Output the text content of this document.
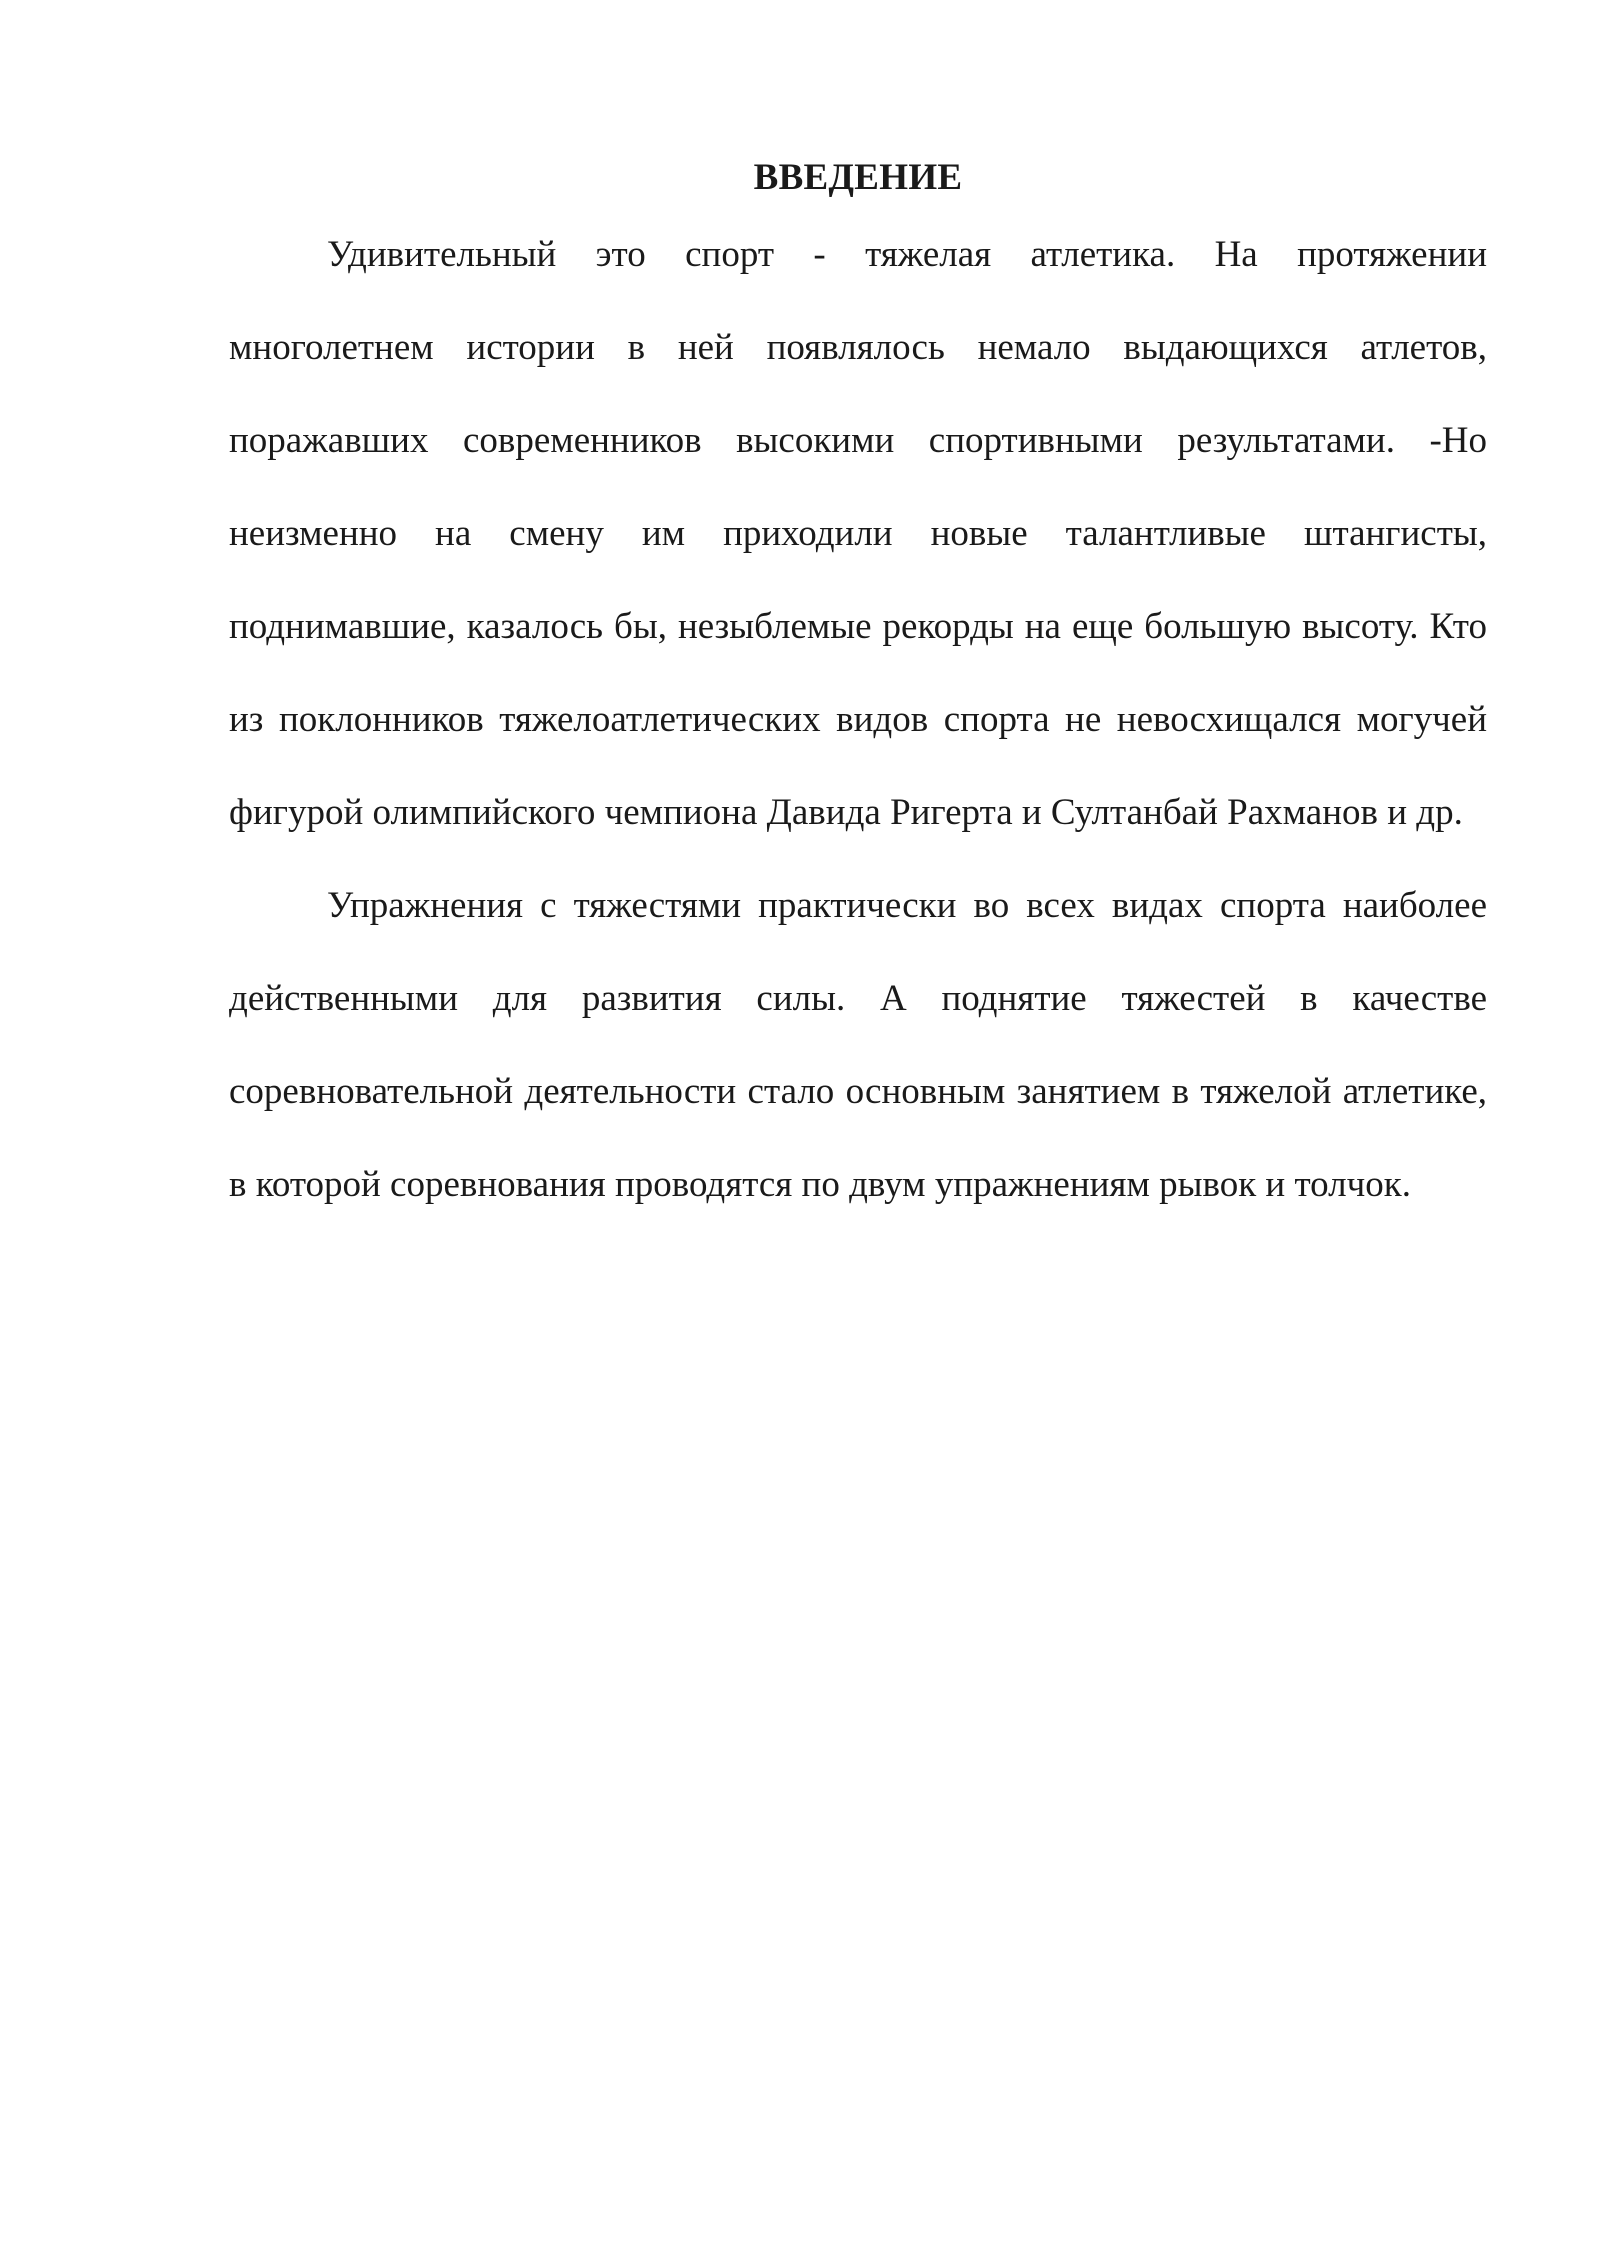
ВВЕДЕНИЕ

Удивительный это спорт - тяжелая атлетика. На протяжении многолетнем истории в ней появлялось немало выдающихся атлетов, поражавших современников высокими спортивными результатами. -Но неизменно на смену им приходили новые талантливые штангисты, поднимавшие, казалось бы, незыблемые рекорды на еще большую высоту. Кто из поклонников тяжелоатлетических видов спорта не невосхищался могучей фигурой олимпийского чемпиона Давида Ригерта и Султанбай Рахманов и др.

Упражнения с тяжестями практически во всех видах спорта наиболее действенными для развития силы. А поднятие тяжестей в качестве соревновательной деятельности стало основным занятием в тяжелой атлетике, в которой соревнования проводятся по двум упражнениям рывок и толчок.
